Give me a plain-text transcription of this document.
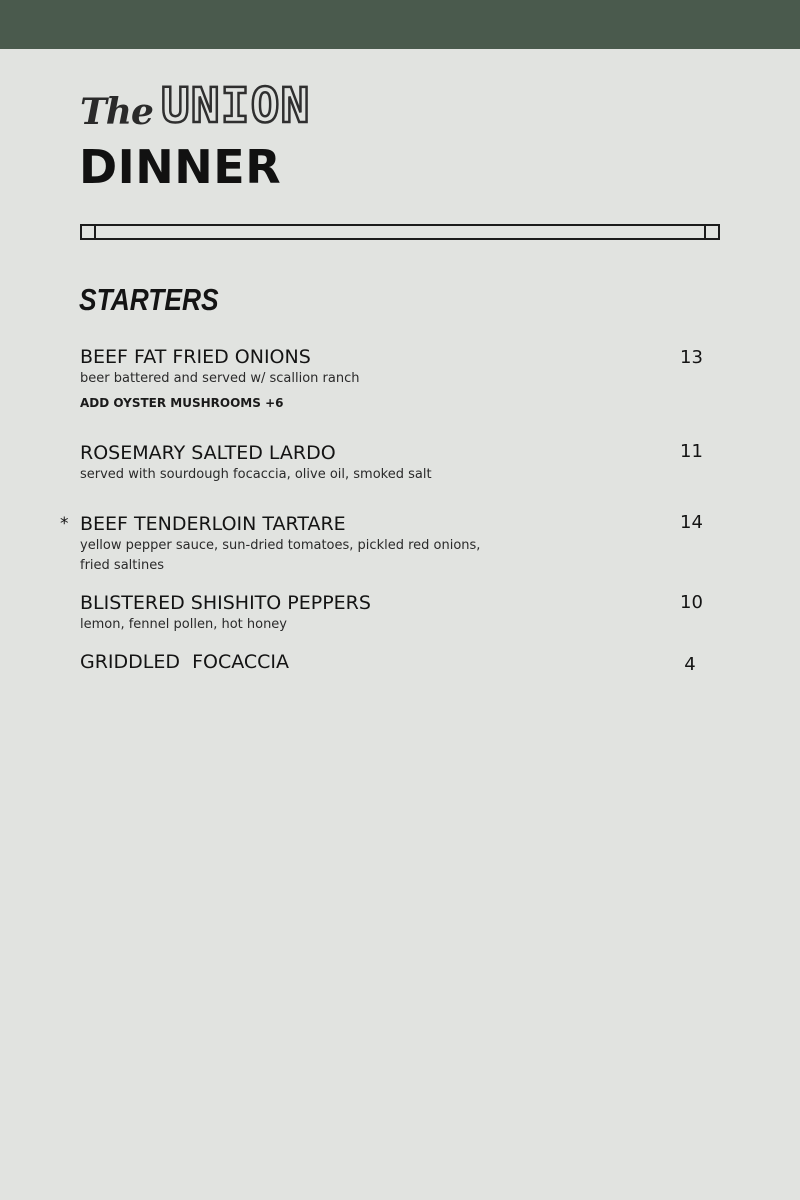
The UNION
DINNER
STARTERS
BEEF FAT FRIED ONIONS
beer battered and served w/ scallion ranch
ADD OYSTER MUSHROOMS +6
13
ROSEMARY SALTED LARDO
served with sourdough focaccia, olive oil, smoked salt
11
* BEEF TENDERLOIN TARTARE
yellow pepper sauce, sun-dried tomatoes, pickled red onions, fried saltines
14
BLISTERED SHISHITO PEPPERS
lemon, fennel pollen, hot honey
10
GRIDDLED  FOCACCIA	4
